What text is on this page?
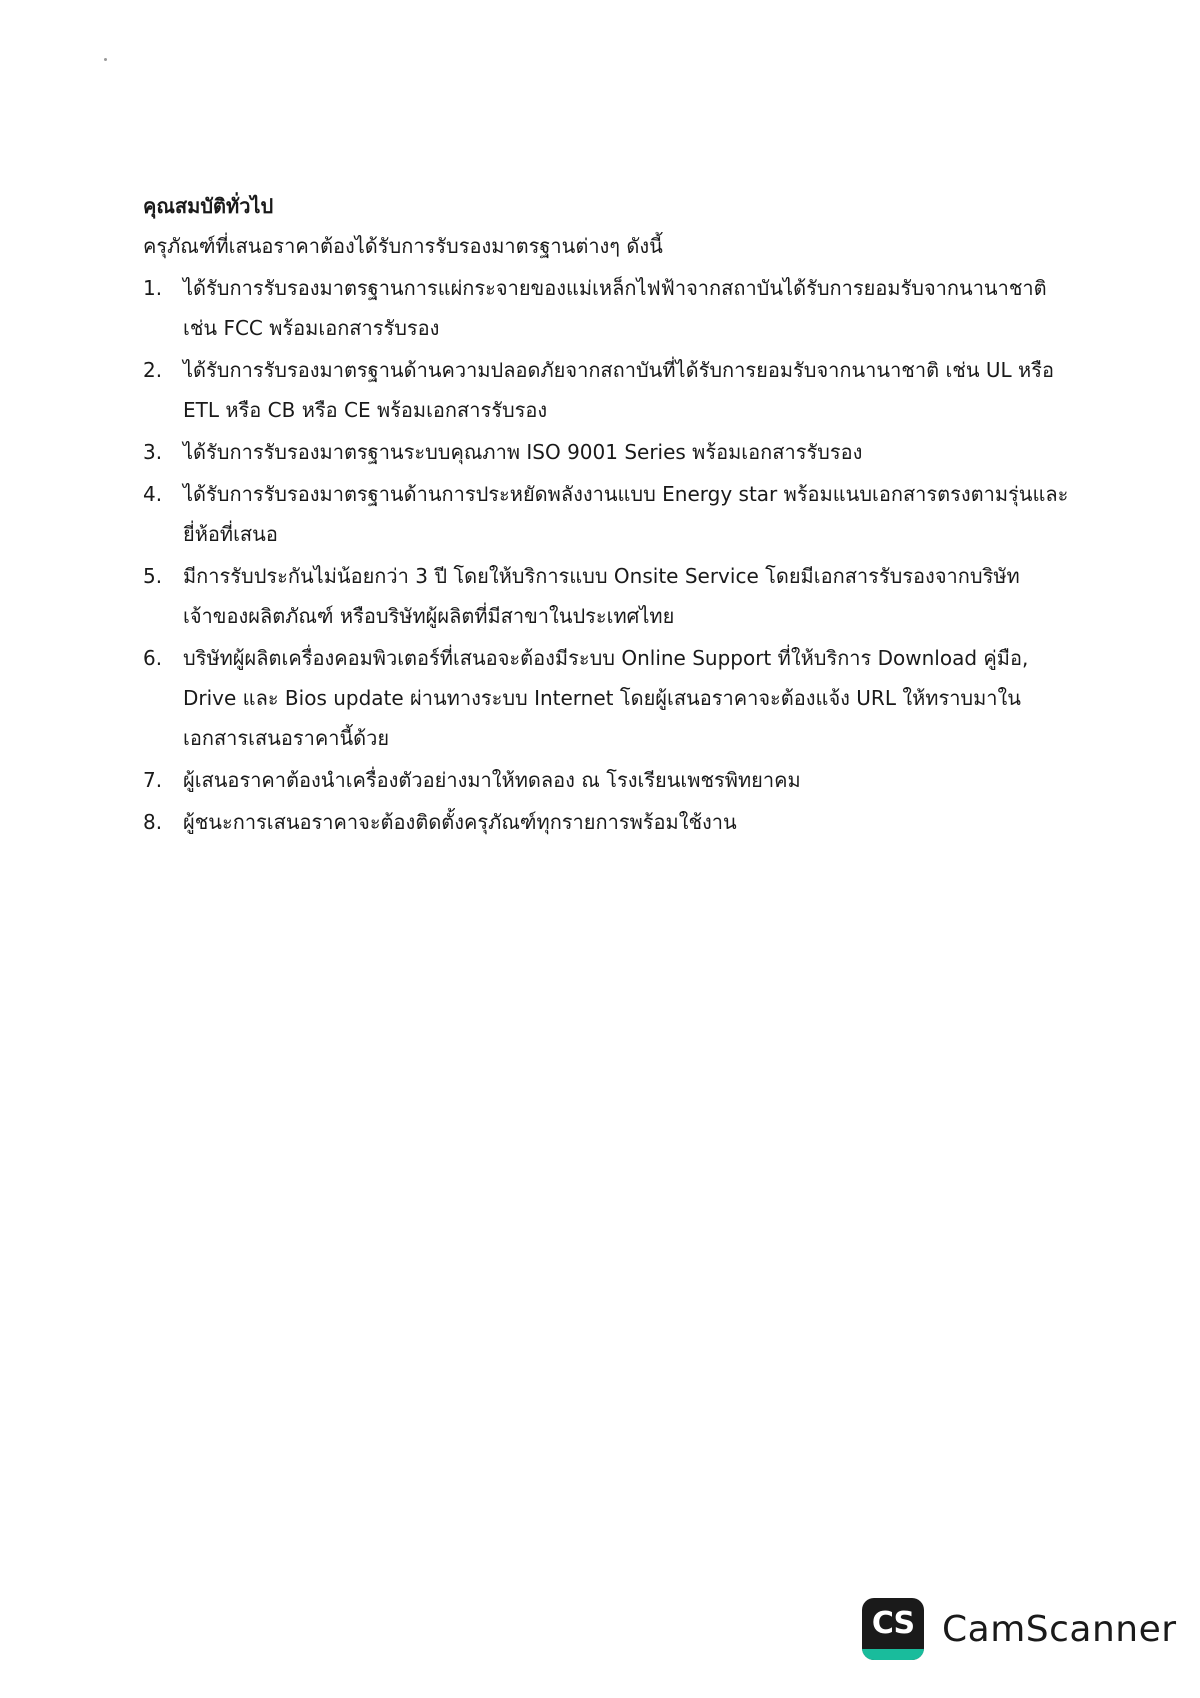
คุณสมบัติทั่วไป

ครุภัณฑ์ที่เสนอราคาต้องได้รับการรับรองมาตรฐานต่างๆ ดังนี้

1.	ได้รับการรับรองมาตรฐานการแผ่กระจายของแม่เหล็กไฟฟ้าจากสถาบันได้รับการยอมรับจากนานาชาติ เช่น FCC พร้อมเอกสารรับรอง
2.	ได้รับการรับรองมาตรฐานด้านความปลอดภัยจากสถาบันที่ได้รับการยอมรับจากนานาชาติ เช่น UL หรือ ETL หรือ CB หรือ CE พร้อมเอกสารรับรอง
3.	ได้รับการรับรองมาตรฐานระบบคุณภาพ ISO 9001 Series พร้อมเอกสารรับรอง
4.	ได้รับการรับรองมาตรฐานด้านการประหยัดพลังงานแบบ Energy star พร้อมแนบเอกสารตรงตามรุ่นและยี่ห้อที่เสนอ
5.	มีการรับประกันไม่น้อยกว่า 3 ปี โดยให้บริการแบบ Onsite Service โดยมีเอกสารรับรองจากบริษัทเจ้าของผลิตภัณฑ์ หรือบริษัทผู้ผลิตที่มีสาขาในประเทศไทย
6.	บริษัทผู้ผลิตเครื่องคอมพิวเตอร์ที่เสนอจะต้องมีระบบ Online Support ที่ให้บริการ Download คู่มือ, Drive และ Bios update ผ่านทางระบบ Internet โดยผู้เสนอราคาจะต้องแจ้ง URL ให้ทราบมาในเอกสารเสนอราคานี้ด้วย
7.	ผู้เสนอราคาต้องนำเครื่องตัวอย่างมาให้ทดลอง ณ โรงเรียนเพชรพิทยาคม
8.	ผู้ชนะการเสนอราคาจะต้องติดตั้งครุภัณฑ์ทุกรายการพร้อมใช้งาน
CS CamScanner
